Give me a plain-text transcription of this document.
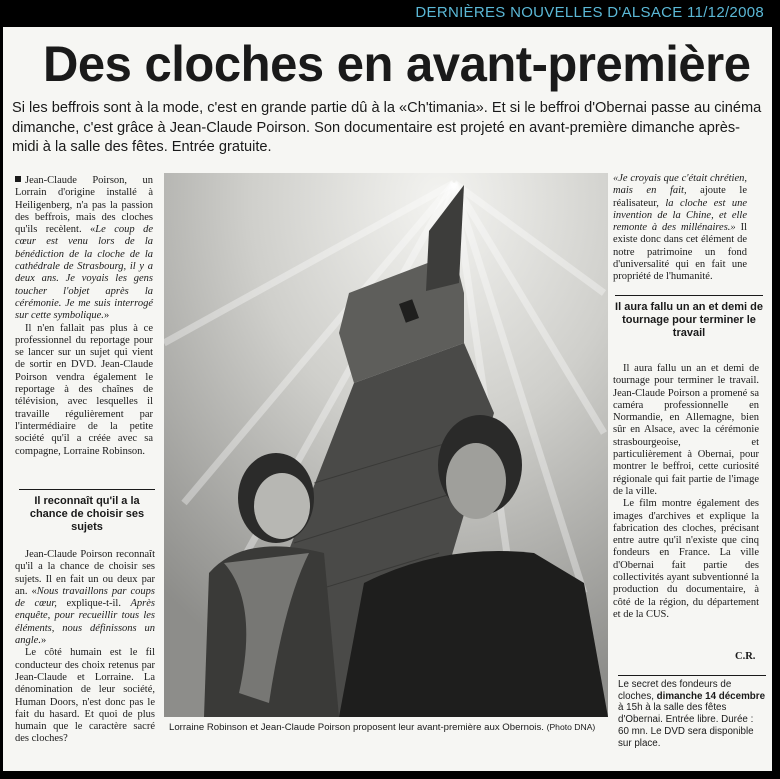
DERNIÈRES NOUVELLES D'ALSACE 11/12/2008
Des cloches en avant-première
Si les beffrois sont à la mode, c'est en grande partie dû à la «Ch'timania». Et si le beffroi d'Obernai passe au cinéma dimanche, c'est grâce à Jean-Claude Poirson. Son documentaire est projeté en avant-première dimanche après-midi à la salle des fêtes. Entrée gratuite.

Jean-Claude Poirson, un Lorrain d'origine installé à Heiligenberg, n'a pas la passion des beffrois, mais des cloches qu'ils recèlent. «Le coup de cœur est venu lors de la bénédiction de la cloche de la cathédrale de Strasbourg, il y a deux ans. Je voyais les gens toucher l'objet après la cérémonie. Je me suis interrogé sur cette symbolique.»

Il n'en fallait pas plus à ce professionnel du reportage pour se lancer sur un sujet qui vient de sortir en DVD. Jean-Claude Poirson vendra également le reportage à des chaînes de télévision, avec lesquelles il travaille régulièrement par l'intermédiaire de la petite société qu'il a créée avec sa compagne, Lorraine Robinson.

Il reconnaît qu'il a la chance de choisir ses sujets

Jean-Claude Poirson reconnaît qu'il a la chance de choisir ses sujets. Il en fait un ou deux par an. «Nous travaillons par coups de cœur, explique-t-il. Après enquête, pour recueillir tous les éléments, nous définissons un angle.»

Le côté humain est le fil conducteur des choix retenus par Jean-Claude et Lorraine. La dénomination de leur société, Human Doors, n'est donc pas le fait du hasard. Et quoi de plus humain que le caractère sacré des cloches?

Lorraine Robinson et Jean-Claude Poirson proposent leur avant-première aux Obernois. (Photo DNA)

«Je croyais que c'était chrétien, mais en fait, ajoute le réalisateur, la cloche est une invention de la Chine, et elle remonte à des millénaires.» Il existe donc dans cet élément de notre patrimoine un fond d'universalité qui en fait une propriété de l'humanité.

Il aura fallu un an et demi de tournage pour terminer le travail

Il aura fallu un an et demi de tournage pour terminer le travail. Jean-Claude Poirson a promené sa caméra professionnelle en Normandie, en Allemagne, bien sûr en Alsace, avec la cérémonie strasbourgeoise, et particulièrement à Obernai, pour montrer le beffroi, cette curiosité régionale qui fait partie de l'image de la ville.

Le film montre également des images d'archives et explique la fabrication des cloches, précisant entre autre qu'il n'existe que cinq fondeurs en France. La ville d'Obernai fait partie des collectivités ayant subventionné la production du documentaire, à côté de la région, du département et de la CUS.

C.R.
Le secret des fondeurs de cloches, dimanche 14 décembre à 15h à la salle des fêtes d'Obernai. Entrée libre. Durée : 60 mn. Le DVD sera disponible sur place.
